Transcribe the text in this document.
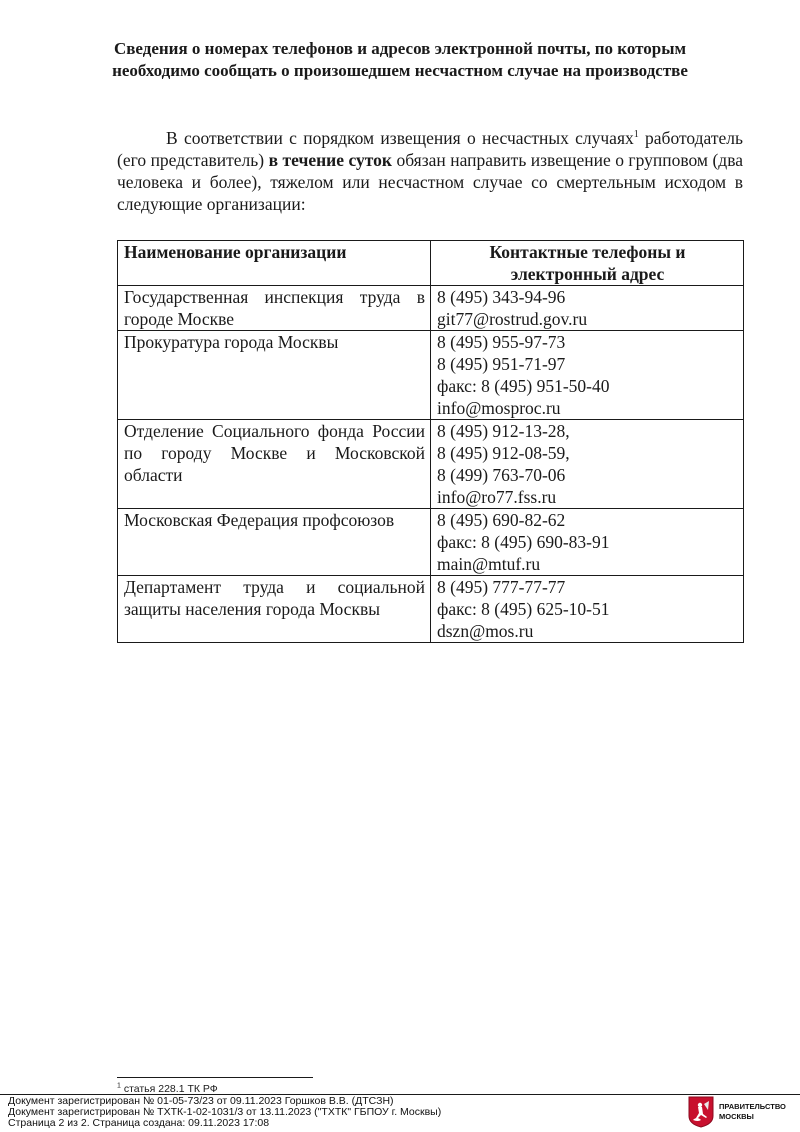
Сведения о номерах телефонов и адресов электронной почты, по которым необходимо сообщать о произошедшем несчастном случае на производстве
В соответствии с порядком извещения о несчастных случаях$^1$ работодатель (его представитель) в течение суток обязан направить извещение о групповом (два человека и более), тяжелом или несчастном случае со смертельным исходом в следующие организации:
Наименование организации	Контактные телефоны и электронный адрес
Государственная инспекция труда в городе Москве	8 (495) 343-94-96
git77@rostrud.gov.ru

Прокуратура города Москвы	8 (495) 955-97-73
8 (495) 951-71-97
факс: 8 (495) 951-50-40
info@mosproc.ru

Отделение Социального фонда России по городу Москве и Московской области	8 (495) 912-13-28,
8 (495) 912-08-59,
8 (499) 763-70-06
info@ro77.fss.ru

Московская Федерация профсоюзов	8 (495) 690-82-62
факс: 8 (495) 690-83-91
main@mtuf.ru

Департамент труда и социальной защиты населения города Москвы	8 (495) 777-77-77
факс: 8 (495) 625-10-51
dszn@mos.ru
$^1$ статья 228.1 ТК РФ
Документ зарегистрирован № 01-05-73/23 от 09.11.2023 Горшков В.В. (ДТСЗН)
Документ зарегистрирован № ТХТК-1-02-1031/3 от 13.11.2023 ("ТХТК" ГБПОУ г. Москвы)
Страница 2 из 2. Страница создана: 09.11.2023 17:08
ПРАВИТЕЛЬСТВО
МОСКВЫ
